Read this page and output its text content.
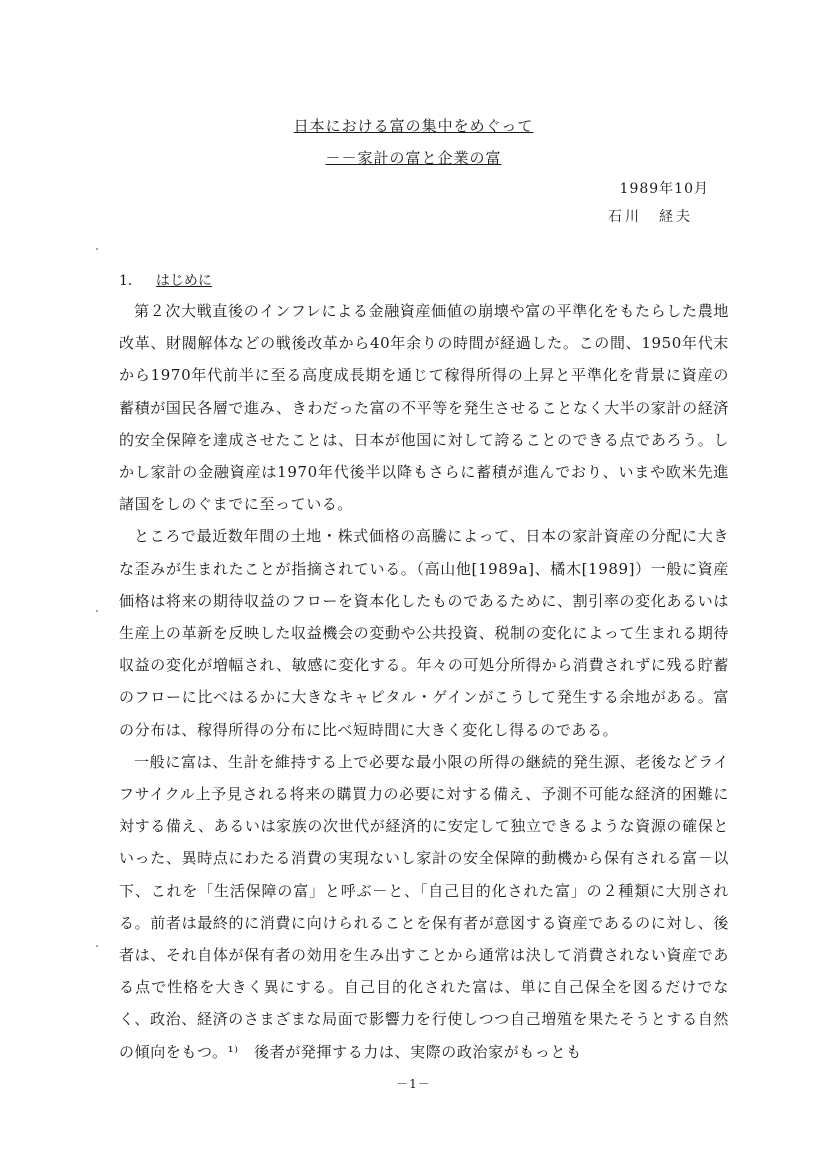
日本における富の集中をめぐって
－－家計の富と企業の富
1989年10月
石川　経夫
1． はじめに

第２次大戦直後のインフレによる金融資産価値の崩壊や富の平準化をもたらした農地改革、財閥解体などの戦後改革から40年余りの時間が経過した。この間、1950年代末から1970年代前半に至る高度成長期を通じて稼得所得の上昇と平準化を背景に資産の蓄積が国民各層で進み、きわだった富の不平等を発生させることなく大半の家計の経済的安全保障を達成させたことは、日本が他国に対して誇ることのできる点であろう。しかし家計の金融資産は1970年代後半以降もさらに蓄積が進んでおり、いまや欧米先進諸国をしのぐまでに至っている。

ところで最近数年間の土地・株式価格の高騰によって、日本の家計資産の分配に大きな歪みが生まれたことが指摘されている。（高山他[1989a]、橘木[1989]）一般に資産価格は将来の期待収益のフローを資本化したものであるために、割引率の変化あるいは生産上の革新を反映した収益機会の変動や公共投資、税制の変化によって生まれる期待収益の変化が増幅され、敏感に変化する。年々の可処分所得から消費されずに残る貯蓄のフローに比べはるかに大きなキャピタル・ゲインがこうして発生する余地がある。富の分布は、稼得所得の分布に比べ短時間に大きく変化し得るのである。

一般に富は、生計を維持する上で必要な最小限の所得の継続的発生源、老後などライフサイクル上予見される将来の購買力の必要に対する備え、予測不可能な経済的困難に対する備え、あるいは家族の次世代が経済的に安定して独立できるような資源の確保といった、異時点にわたる消費の実現ないし家計の安全保障的動機から保有される富－以下、これを「生活保障の富」と呼ぶ－と、「自己目的化された富」の２種類に大別される。前者は最終的に消費に向けられることを保有者が意図する資産であるのに対し、後者は、それ自体が保有者の効用を生み出すことから通常は決して消費されない資産である点で性格を大きく異にする。自己目的化された富は、単に自己保全を図るだけでなく、政治、経済のさまざまな局面で影響力を行使しつつ自己増殖を果たそうとする自然の傾向をもつ。¹⁾　後者が発揮する力は、実際の政治家がもっとも

－1－
